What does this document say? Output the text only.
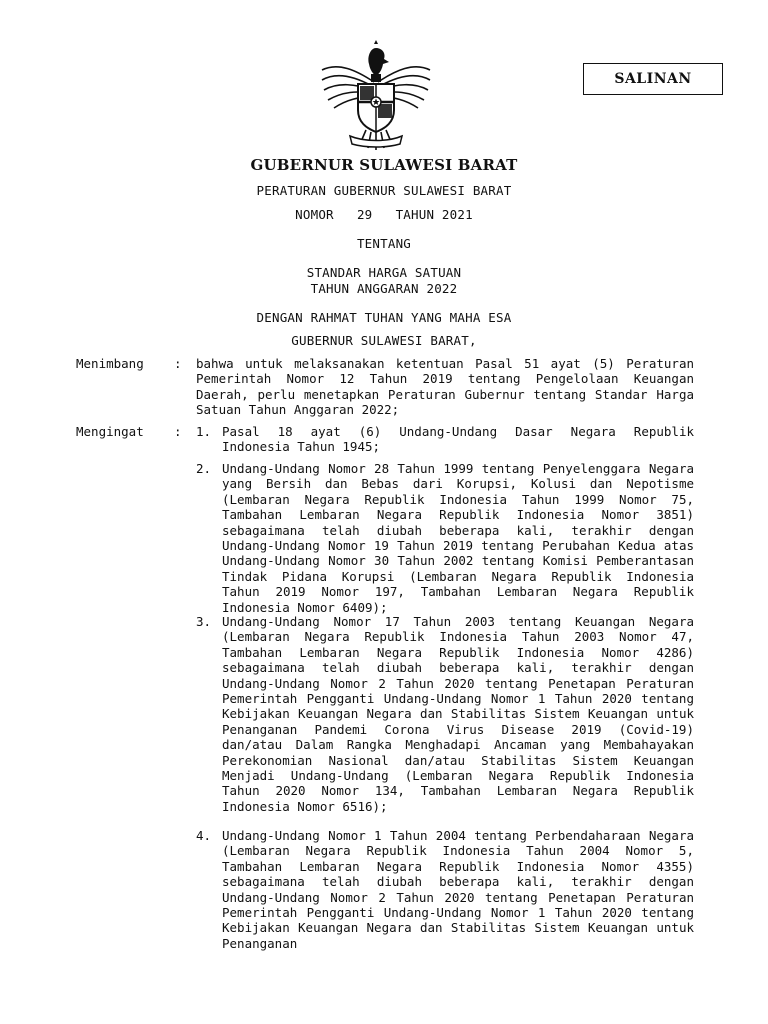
SALINAN
GUBERNUR SULAWESI BARAT
PERATURAN GUBERNUR SULAWESI BARAT
NOMOR   29   TAHUN 2021
TENTANG
STANDAR HARGA SATUAN
TAHUN ANGGARAN 2022
DENGAN RAHMAT TUHAN YANG MAHA ESA
GUBERNUR SULAWESI BARAT,
Menimbang : bahwa untuk melaksanakan ketentuan Pasal 51 ayat (5) Peraturan Pemerintah Nomor 12 Tahun 2019 tentang Pengelolaan Keuangan Daerah, perlu menetapkan Peraturan Gubernur tentang Standar Harga Satuan Tahun Anggaran 2022;

Mengingat : 1. Pasal 18 ayat (6) Undang-Undang Dasar Negara Republik Indonesia Tahun 1945;

2. Undang-Undang Nomor 28 Tahun 1999 tentang Penyelenggara Negara yang Bersih dan Bebas dari Korupsi, Kolusi dan Nepotisme (Lembaran Negara Republik Indonesia Tahun 1999 Nomor 75, Tambahan Lembaran Negara Republik Indonesia Nomor 3851) sebagaimana telah diubah beberapa kali, terakhir dengan Undang-Undang Nomor 19 Tahun 2019 tentang Perubahan Kedua atas Undang-Undang Nomor 30 Tahun 2002 tentang Komisi Pemberantasan Tindak Pidana Korupsi (Lembaran Negara Republik Indonesia Tahun 2019 Nomor 197, Tambahan Lembaran Negara Republik Indonesia Nomor 6409);

3. Undang-Undang Nomor 17 Tahun 2003 tentang Keuangan Negara (Lembaran Negara Republik Indonesia Tahun 2003 Nomor 47, Tambahan Lembaran Negara Republik Indonesia Nomor 4286) sebagaimana telah diubah beberapa kali, terakhir dengan Undang-Undang Nomor 2 Tahun 2020 tentang Penetapan Peraturan Pemerintah Pengganti Undang-Undang Nomor 1 Tahun 2020 tentang Kebijakan Keuangan Negara dan Stabilitas Sistem Keuangan untuk Penanganan Pandemi Corona Virus Disease 2019 (Covid-19) dan/atau Dalam Rangka Menghadapi Ancaman yang Membahayakan Perekonomian Nasional dan/atau Stabilitas Sistem Keuangan Menjadi Undang-Undang (Lembaran Negara Republik Indonesia Tahun 2020 Nomor 134, Tambahan Lembaran Negara Republik Indonesia Nomor 6516);

4. Undang-Undang Nomor 1 Tahun 2004 tentang Perbendaharaan Negara (Lembaran Negara Republik Indonesia Tahun 2004 Nomor 5, Tambahan Lembaran Negara Republik Indonesia Nomor 4355) sebagaimana telah diubah beberapa kali, terakhir dengan Undang-Undang Nomor 2 Tahun 2020 tentang Penetapan Peraturan Pemerintah Pengganti Undang-Undang Nomor 1 Tahun 2020 tentang Kebijakan Keuangan Negara dan Stabilitas Sistem Keuangan untuk Penanganan
